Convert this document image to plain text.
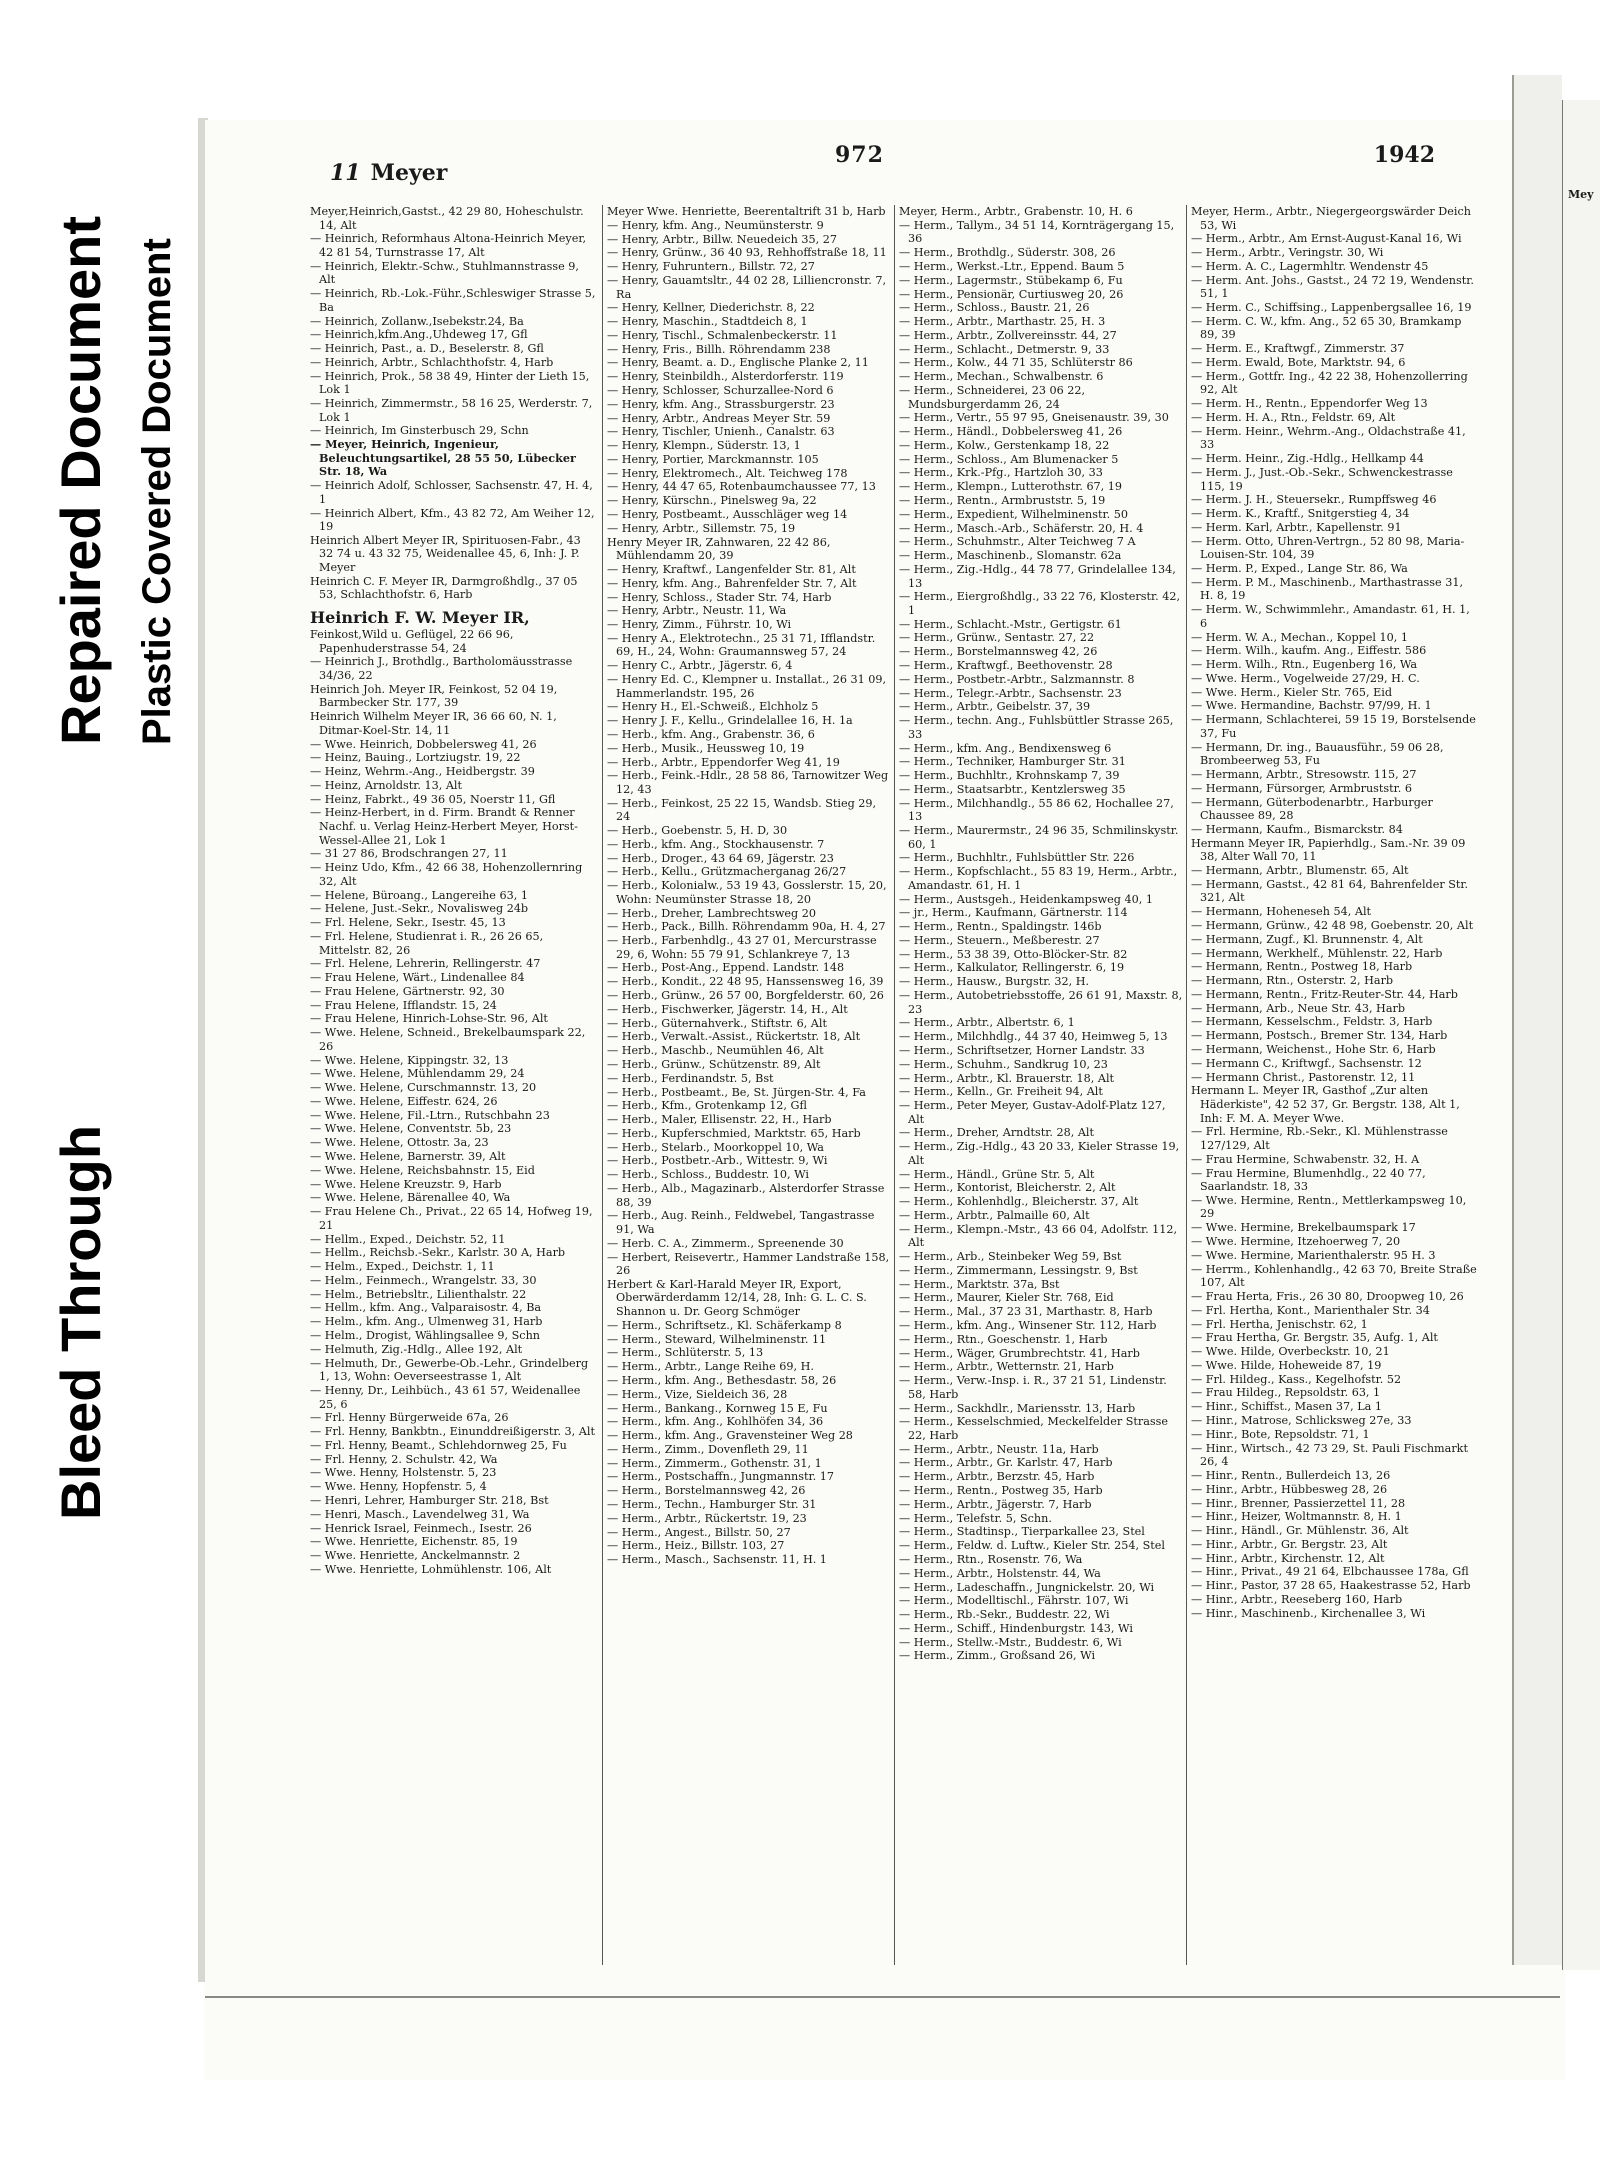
Mey
Bleed Through
Repaired Document Plastic Covered Document
11 Meyer
972	1942
Meyer,Heinrich,Gastst., 42 29 80, Hoheschulstr. 14, Alt
— Heinrich, Reformhaus Altona-Heinrich Meyer, 42 81 54, Turnstrasse 17, Alt
— Heinrich, Elektr.-Schw., Stuhlmannstrasse 9, Alt
— Heinrich, Rb.-Lok.-Führ.,Schleswiger Strasse 5, Ba
— Heinrich, Zollanw.,Isebekstr.24, Ba
— Heinrich,kfm.Ang.,Uhdeweg 17, Gfl
— Heinrich, Past., a. D., Beselerstr. 8, Gfl
— Heinrich, Arbtr., Schlachthofstr. 4, Harb
— Heinrich, Prok., 58 38 49, Hinter der Lieth 15, Lok 1
— Heinrich, Zimmermstr., 58 16 25, Werderstr. 7, Lok 1
— Heinrich, Im Ginsterbusch 29, Schn
— Meyer, Heinrich, Ingenieur, Beleuchtungsartikel, 28 55 50, Lübecker Str. 18, Wa
— Heinrich Adolf, Schlosser, Sachsenstr. 47, H. 4, 1
— Heinrich Albert, Kfm., 43 82 72, Am Weiher 12, 19
Heinrich Albert Meyer IR, Spirituosen-Fabr., 43 32 74 u. 43 32 75, Weidenallee 45, 6, Inh: J. P. Meyer
Heinrich C. F. Meyer IR, Darmgroßhdlg., 37 05 53, Schlachthofstr. 6, Harb
Heinrich F. W. Meyer IR,
Feinkost,Wild u. Geflügel, 22 66 96, Papenhuderstrasse 54, 24
— Heinrich J., Brothdlg., Bartholomäusstrasse 34/36, 22
Heinrich Joh. Meyer IR, Feinkost, 52 04 19, Barmbecker Str. 177, 39
Heinrich Wilhelm Meyer IR, 36 66 60, N. 1, Ditmar-Koel-Str. 14, 11
— Wwe. Heinrich, Dobbelersweg 41, 26
— Heinz, Bauing., Lortziugstr. 19, 22
— Heinz, Wehrm.-Ang., Heidbergstr. 39
— Heinz, Arnoldstr. 13, Alt
— Heinz, Fabrkt., 49 36 05, Noerstr 11, Gfl
— Heinz-Herbert, in d. Firm. Brandt & Renner Nachf. u. Verlag Heinz-Herbert Meyer, Horst-Wessel-Allee 21, Lok 1
— 31 27 86, Brodschrangen 27, 11
— Heinz Udo, Kfm., 42 66 38, Hohenzollernring 32, Alt
— Helene, Büroang., Langereihe 63, 1
— Helene, Just.-Sekr., Novalisweg 24b
— Frl. Helene, Sekr., Isestr. 45, 13
— Frl. Helene, Studienrat i. R., 26 26 65, Mittelstr. 82, 26
— Frl. Helene, Lehrerin, Rellingerstr. 47
— Frau Helene, Wärt., Lindenallee 84
— Frau Helene, Gärtnerstr. 92, 30
— Frau Helene, Ifflandstr. 15, 24
— Frau Helene, Hinrich-Lohse-Str. 96, Alt
— Wwe. Helene, Schneid., Brekelbaumspark 22, 26
— Wwe. Helene, Kippingstr. 32, 13
— Wwe. Helene, Mühlendamm 29, 24
— Wwe. Helene, Curschmannstr. 13, 20
— Wwe. Helene, Eiffestr. 624, 26
— Wwe. Helene, Fil.-Ltrn., Rutschbahn 23
— Wwe. Helene, Conventstr. 5b, 23
— Wwe. Helene, Ottostr. 3a, 23
— Wwe. Helene, Barnerstr. 39, Alt
— Wwe. Helene, Reichsbahnstr. 15, Eid
— Wwe. Helene Kreuzstr. 9, Harb
— Wwe. Helene, Bärenallee 40, Wa
— Frau Helene Ch., Privat., 22 65 14, Hofweg 19, 21
— Hellm., Exped., Deichstr. 52, 11
— Hellm., Reichsb.-Sekr., Karlstr. 30 A, Harb
— Helm., Exped., Deichstr. 1, 11
— Helm., Feinmech., Wrangelstr. 33, 30
— Helm., Betriebsltr., Lilienthalstr. 22
— Hellm., kfm. Ang., Valparaisostr. 4, Ba
— Helm., kfm. Ang., Ulmenweg 31, Harb
— Helm., Drogist, Wählingsallee 9, Schn
— Helmuth, Zig.-Hdlg., Allee 192, Alt
— Helmuth, Dr., Gewerbe-Ob.-Lehr., Grindelberg 1, 13, Wohn: Oeverseestrasse 1, Alt
— Henny, Dr., Leihbüch., 43 61 57, Weidenallee 25, 6
— Frl. Henny Bürgerweide 67a, 26
— Frl. Henny, Bankbtn., Einunddreißigerstr. 3, Alt
— Frl. Henny, Beamt., Schlehdornweg 25, Fu
— Frl. Henny, 2. Schulstr. 42, Wa
— Wwe. Henny, Holstenstr. 5, 23
— Wwe. Henny, Hopfenstr. 5, 4
— Henri, Lehrer, Hamburger Str. 218, Bst
— Henri, Masch., Lavendelweg 31, Wa
— Henrick Israel, Feinmech., Isestr. 26
— Wwe. Henriette, Eichenstr. 85, 19
— Wwe. Henriette, Anckelmannstr. 2
— Wwe. Henriette, Lohmühlenstr. 106, Alt
Meyer Wwe. Henriette, Beerentaltrift 31 b, Harb
— Henry, kfm. Ang., Neumünsterstr. 9
— Henry, Arbtr., Billw. Neuedeich 35, 27
— Henry, Grünw., 36 40 93, Rehhoffstraße 18, 11
— Henry, Fuhruntern., Billstr. 72, 27
— Henry, Gauamtsltr., 44 02 28, Lilliencronstr. 7, Ra
— Henry, Kellner, Diederichstr. 8, 22
— Henry, Maschin., Stadtdeich 8, 1
— Henry, Tischl., Schmalenbeckerstr. 11
— Henry, Fris., Billh. Röhrendamm 238
— Henry, Beamt. a. D., Englische Planke 2, 11
— Henry, Steinbildh., Alsterdorferstr. 119
— Henry, Schlosser, Schurzallee-Nord 6
— Henry, kfm. Ang., Strassburgerstr. 23
— Henry, Arbtr., Andreas Meyer Str. 59
— Henry, Tischler, Unienh., Canalstr. 63
— Henry, Klempn., Süderstr. 13, 1
— Henry, Portier, Marckmannstr. 105
— Henry, Elektromech., Alt. Teichweg 178
— Henry, 44 47 65, Rotenbaumchaussee 77, 13
— Henry, Kürschn., Pinelsweg 9a, 22
— Henry, Postbeamt., Ausschläger weg 14
— Henry, Arbtr., Sillemstr. 75, 19
Henry Meyer IR, Zahnwaren, 22 42 86, Mühlendamm 20, 39
— Henry, Kraftwf., Langenfelder Str. 81, Alt
— Henry, kfm. Ang., Bahrenfelder Str. 7, Alt
— Henry, Schloss., Stader Str. 74, Harb
— Henry, Arbtr., Neustr. 11, Wa
— Henry, Zimm., Führstr. 10, Wi
— Henry A., Elektrotechn., 25 31 71, Ifflandstr. 69, H., 24, Wohn: Graumannsweg 57, 24
— Henry C., Arbtr., Jägerstr. 6, 4
— Henry Ed. C., Klempner u. Installat., 26 31 09, Hammerlandstr. 195, 26
— Henry H., El.-Schweiß., Elchholz 5
— Henry J. F., Kellu., Grindelallee 16, H. 1a
— Herb., kfm. Ang., Grabenstr. 36, 6
— Herb., Musik., Heussweg 10, 19
— Herb., Arbtr., Eppendorfer Weg 41, 19
— Herb., Feink.-Hdlr., 28 58 86, Tarnowitzer Weg 12, 43
— Herb., Feinkost, 25 22 15, Wandsb. Stieg 29, 24
— Herb., Goebenstr. 5, H. D, 30
— Herb., kfm. Ang., Stockhausenstr. 7
— Herb., Droger., 43 64 69, Jägerstr. 23
— Herb., Kellu., Grützmacherganag 26/27
— Herb., Kolonialw., 53 19 43, Gosslerstr. 15, 20, Wohn: Neumünster Strasse 18, 20
— Herb., Dreher, Lambrechtsweg 20
— Herb., Pack., Billh. Röhrendamm 90a, H. 4, 27
— Herb., Farbenhdlg., 43 27 01, Mercurstrasse 29, 6, Wohn: 55 79 91, Schlankreye 7, 13
— Herb., Post-Ang., Eppend. Landstr. 148
— Herb., Kondit., 22 48 95, Hanssensweg 16, 39
— Herb., Grünw., 26 57 00, Borgfelderstr. 60, 26
— Herb., Fischwerker, Jägerstr. 14, H., Alt
— Herb., Güternahverk., Stiftstr. 6, Alt
— Herb., Verwalt.-Assist., Rückertstr. 18, Alt
— Herb., Maschb., Neumühlen 46, Alt
— Herb., Grünw., Schützenstr. 89, Alt
— Herb., Ferdinandstr. 5, Bst
— Herb., Postbeamt., Be, St. Jürgen-Str. 4, Fa
— Herb., Kfm., Grotenkamp 12, Gfl
— Herb., Maler, Ellisenstr. 22, H., Harb
— Herb., Kupferschmied, Marktstr. 65, Harb
— Herb., Stelarb., Moorkoppel 10, Wa
— Herb., Postbetr.-Arb., Wittestr. 9, Wi
— Herb., Schloss., Buddestr. 10, Wi
— Herb., Alb., Magazinarb., Alsterdorfer Strasse 88, 39
— Herb., Aug. Reinh., Feldwebel, Tangastrasse 91, Wa
— Herb. C. A., Zimmerm., Spreenende 30
— Herbert, Reisevertr., Hammer Landstraße 158, 26
Herbert & Karl-Harald Meyer IR, Export, Oberwärderdamm 12/14, 28, Inh: G. L. C. S. Shannon u. Dr. Georg Schmöger
— Herm., Schriftsetz., Kl. Schäferkamp 8
— Herm., Steward, Wilhelminenstr. 11
— Herm., Schlüterstr. 5, 13
— Herm., Arbtr., Lange Reihe 69, H.
— Herm., kfm. Ang., Bethesdastr. 58, 26
— Herm., Vize, Sieldeich 36, 28
— Herm., Bankang., Kornweg 15 E, Fu
— Herm., kfm. Ang., Kohlhöfen 34, 36
— Herm., kfm. Ang., Gravensteiner Weg 28
— Herm., Zimm., Dovenfleth 29, 11
— Herm., Zimmerm., Gothenstr. 31, 1
— Herm., Postschaffn., Jungmannstr. 17
— Herm., Borstelmannsweg 42, 26
— Herm., Techn., Hamburger Str. 31
— Herm., Arbtr., Rückertstr. 19, 23
— Herm., Angest., Billstr. 50, 27
— Herm., Heiz., Billstr. 103, 27
— Herm., Masch., Sachsenstr. 11, H. 1
Meyer, Herm., Arbtr., Grabenstr. 10, H. 6
— Herm., Tallym., 34 51 14, Kornträgergang 15, 36
— Herm., Brothdlg., Süderstr. 308, 26
— Herm., Werkst.-Ltr., Eppend. Baum 5
— Herm., Lagermstr., Stübekamp 6, Fu
— Herm., Pensionär, Curtiusweg 20, 26
— Herm., Schloss., Baustr. 21, 26
— Herm., Arbtr., Marthastr. 25, H. 3
— Herm., Arbtr., Zollvereinsstr. 44, 27
— Herm., Schlacht., Detmerstr. 9, 33
— Herm., Kolw., 44 71 35, Schlüterstr 86
— Herm., Mechan., Schwalbenstr. 6
— Herm., Schneiderei, 23 06 22, Mundsburgerdamm 26, 24
— Herm., Vertr., 55 97 95, Gneisenaustr. 39, 30
— Herm., Händl., Dobbelersweg 41, 26
— Herm., Kolw., Gerstenkamp 18, 22
— Herm., Schloss., Am Blumenacker 5
— Herm., Krk.-Pfg., Hartzloh 30, 33
— Herm., Klempn., Lutterothstr. 67, 19
— Herm., Rentn., Armbruststr. 5, 19
— Herm., Expedient, Wilhelminenstr. 50
— Herm., Masch.-Arb., Schäferstr. 20, H. 4
— Herm., Schuhmstr., Alter Teichweg 7 A
— Herm., Maschinenb., Slomanstr. 62a
— Herm., Zig.-Hdlg., 44 78 77, Grindelallee 134, 13
— Herm., Eiergroßhdlg., 33 22 76, Klosterstr. 42, 1
— Herm., Schlacht.-Mstr., Gertigstr. 61
— Herm., Grünw., Sentastr. 27, 22
— Herm., Borstelmannsweg 42, 26
— Herm., Kraftwgf., Beethovenstr. 28
— Herm., Postbetr.-Arbtr., Salzmannstr. 8
— Herm., Telegr.-Arbtr., Sachsenstr. 23
— Herm., Arbtr., Geibelstr. 37, 39
— Herm., techn. Ang., Fuhlsbüttler Strasse 265, 33
— Herm., kfm. Ang., Bendixensweg 6
— Herm., Techniker, Hamburger Str. 31
— Herm., Buchhltr., Krohnskamp 7, 39
— Herm., Staatsarbtr., Kentzlersweg 35
— Herm., Milchhandlg., 55 86 62, Hochallee 27, 13
— Herm., Maurermstr., 24 96 35, Schmilinskystr. 60, 1
— Herm., Buchhltr., Fuhlsbüttler Str. 226
— Herm., Kopfschlacht., 55 83 19, Herm., Arbtr., Amandastr. 61, H. 1
— Herm., Austsgeh., Heidenkampsweg 40, 1
— jr., Herm., Kaufmann, Gärtnerstr. 114
— Herm., Rentn., Spaldingstr. 146b
— Herm., Steuern., Meßberestr. 27
— Herm., 53 38 39, Otto-Blöcker-Str. 82
— Herm., Kalkulator, Rellingerstr. 6, 19
— Herm., Hausw., Burgstr. 32, H.
— Herm., Autobetriebsstoffe, 26 61 91, Maxstr. 8, 23
— Herm., Arbtr., Albertstr. 6, 1
— Herm., Milchhdlg., 44 37 40, Heimweg 5, 13
— Herm., Schriftsetzer, Horner Landstr. 33
— Herm., Schuhm., Sandkrug 10, 23
— Herm., Arbtr., Kl. Brauerstr. 18, Alt
— Herm., Kelln., Gr. Freiheit 94, Alt
— Herm., Peter Meyer, Gustav-Adolf-Platz 127, Alt
— Herm., Dreher, Arndtstr. 28, Alt
— Herm., Zig.-Hdlg., 43 20 33, Kieler Strasse 19, Alt
— Herm., Händl., Grüne Str. 5, Alt
— Herm., Kontorist, Bleicherstr. 2, Alt
— Herm., Kohlenhdlg., Bleicherstr. 37, Alt
— Herm., Arbtr., Palmaille 60, Alt
— Herm., Klempn.-Mstr., 43 66 04, Adolfstr. 112, Alt
— Herm., Arb., Steinbeker Weg 59, Bst
— Herm., Zimmermann, Lessingstr. 9, Bst
— Herm., Marktstr. 37a, Bst
— Herm., Maurer, Kieler Str. 768, Eid
— Herm., Mal., 37 23 31, Marthastr. 8, Harb
— Herm., kfm. Ang., Winsener Str. 112, Harb
— Herm., Rtn., Goeschenstr. 1, Harb
— Herm., Wäger, Grumbrechtstr. 41, Harb
— Herm., Arbtr., Wetternstr. 21, Harb
— Herm., Verw.-Insp. i. R., 37 21 51, Lindenstr. 58, Harb
— Herm., Sackhdlr., Mariensstr. 13, Harb
— Herm., Kesselschmied, Meckelfelder Strasse 22, Harb
— Herm., Arbtr., Neustr. 11a, Harb
— Herm., Arbtr., Gr. Karlstr. 47, Harb
— Herm., Arbtr., Berzstr. 45, Harb
— Herm., Rentn., Postweg 35, Harb
— Herm., Arbtr., Jägerstr. 7, Harb
— Herm., Telefstr. 5, Schn.
— Herm., Stadtinsp., Tierparkallee 23, Stel
— Herm., Feldw. d. Luftw., Kieler Str. 254, Stel
— Herm., Rtn., Rosenstr. 76, Wa
— Herm., Arbtr., Holstenstr. 44, Wa
— Herm., Ladeschaffn., Jungnickelstr. 20, Wi
— Herm., Modelltischl., Fährstr. 107, Wi
— Herm., Rb.-Sekr., Buddestr. 22, Wi
— Herm., Schiff., Hindenburgstr. 143, Wi
— Herm., Stellw.-Mstr., Buddestr. 6, Wi
— Herm., Zimm., Großsand 26, Wi
Meyer, Herm., Arbtr., Niegergeorgswärder Deich 53, Wi
— Herm., Arbtr., Am Ernst-August-Kanal 16, Wi
— Herm., Arbtr., Veringstr. 30, Wi
— Herm. A. C., Lagermhltr. Wendenstr 45
— Herm. Ant. Johs., Gastst., 24 72 19, Wendenstr. 51, 1
— Herm. C., Schiffsing., Lappenbergsallee 16, 19
— Herm. C. W., kfm. Ang., 52 65 30, Bramkamp 89, 39
— Herm. E., Kraftwgf., Zimmerstr. 37
— Herm. Ewald, Bote, Marktstr. 94, 6
— Herm., Gottfr. Ing., 42 22 38, Hohenzollerring 92, Alt
— Herm. H., Rentn., Eppendorfer Weg 13
— Herm. H. A., Rtn., Feldstr. 69, Alt
— Herm. Heinr., Wehrm.-Ang., Oldachstraße 41, 33
— Herm. Heinr., Zig.-Hdlg., Hellkamp 44
— Herm. J., Just.-Ob.-Sekr., Schwenckestrasse 115, 19
— Herm. J. H., Steuersekr., Rumpffsweg 46
— Herm. K., Kraftf., Snitgerstieg 4, 34
— Herm. Karl, Arbtr., Kapellenstr. 91
— Herm. Otto, Uhren-Vertrgn., 52 80 98, Maria-Louisen-Str. 104, 39
— Herm. P., Exped., Lange Str. 86, Wa
— Herm. P. M., Maschinenb., Marthastrasse 31, H. 8, 19
— Herm. W., Schwimmlehr., Amandastr. 61, H. 1, 6
— Herm. W. A., Mechan., Koppel 10, 1
— Herm. Wilh., kaufm. Ang., Eiffestr. 586
— Herm. Wilh., Rtn., Eugenberg 16, Wa
— Wwe. Herm., Vogelweide 27/29, H. C.
— Wwe. Herm., Kieler Str. 765, Eid
— Wwe. Hermandine, Bachstr. 97/99, H. 1
— Hermann, Schlachterei, 59 15 19, Borstelsende 37, Fu
— Hermann, Dr. ing., Bauausführ., 59 06 28, Brombeerweg 53, Fu
— Hermann, Arbtr., Stresowstr. 115, 27
— Hermann, Fürsorger, Armbruststr. 6
— Hermann, Güterbodenarbtr., Harburger Chaussee 89, 28
— Hermann, Kaufm., Bismarckstr. 84
Hermann Meyer IR, Papierhdlg., Sam.-Nr. 39 09 38, Alter Wall 70, 11
— Hermann, Arbtr., Blumenstr. 65, Alt
— Hermann, Gastst., 42 81 64, Bahrenfelder Str. 321, Alt
— Hermann, Hoheneseh 54, Alt
— Hermann, Grünw., 42 48 98, Goebenstr. 20, Alt
— Hermann, Zugf., Kl. Brunnenstr. 4, Alt
— Hermann, Werkhelf., Mühlenstr. 22, Harb
— Hermann, Rentn., Postweg 18, Harb
— Hermann, Rtn., Osterstr. 2, Harb
— Hermann, Rentn., Fritz-Reuter-Str. 44, Harb
— Hermann, Arb., Neue Str. 43, Harb
— Hermann, Kesselschm., Feldstr. 3, Harb
— Hermann, Postsch., Bremer Str. 134, Harb
— Hermann, Weichenst., Hohe Str. 6, Harb
— Hermann C., Kriftwgf., Sachsenstr. 12
— Hermann Christ., Pastorenstr. 12, 11
Hermann L. Meyer IR, Gasthof „Zur alten Häderkiste", 42 52 37, Gr. Bergstr. 138, Alt 1, Inh: F. M. A. Meyer Wwe.
— Frl. Hermine, Rb.-Sekr., Kl. Mühlenstrasse 127/129, Alt
— Frau Hermine, Schwabenstr. 32, H. A
— Frau Hermine, Blumenhdlg., 22 40 77, Saarlandstr. 18, 33
— Wwe. Hermine, Rentn., Mettlerkampsweg 10, 29
— Wwe. Hermine, Brekelbaumspark 17
— Wwe. Hermine, Itzehoerweg 7, 20
— Wwe. Hermine, Marienthalerstr. 95 H. 3
— Herrm., Kohlenhandlg., 42 63 70, Breite Straße 107, Alt
— Frau Herta, Fris., 26 30 80, Droopweg 10, 26
— Frl. Hertha, Kont., Marienthaler Str. 34
— Frl. Hertha, Jenischstr. 62, 1
— Frau Hertha, Gr. Bergstr. 35, Aufg. 1, Alt
— Wwe. Hilde, Overbeckstr. 10, 21
— Wwe. Hilde, Hoheweide 87, 19
— Frl. Hildeg., Kass., Kegelhofstr. 52
— Frau Hildeg., Repsoldstr. 63, 1
— Hinr., Schiffst., Masen 37, La 1
— Hinr., Matrose, Schlicksweg 27e, 33
— Hinr., Bote, Repsoldstr. 71, 1
— Hinr., Wirtsch., 42 73 29, St. Pauli Fischmarkt 26, 4
— Hinr., Rentn., Bullerdeich 13, 26
— Hinr., Arbtr., Hübbesweg 28, 26
— Hinr., Brenner, Passierzettel 11, 28
— Hinr., Heizer, Woltmannstr. 8, H. 1
— Hinr., Händl., Gr. Mühlenstr. 36, Alt
— Hinr., Arbtr., Gr. Bergstr. 23, Alt
— Hinr., Arbtr., Kirchenstr. 12, Alt
— Hinr., Privat., 49 21 64, Elbchaussee 178a, Gfl
— Hinr., Pastor, 37 28 65, Haakestrasse 52, Harb
— Hinr., Arbtr., Reeseberg 160, Harb
— Hinr., Maschinenb., Kirchenallee 3, Wi
